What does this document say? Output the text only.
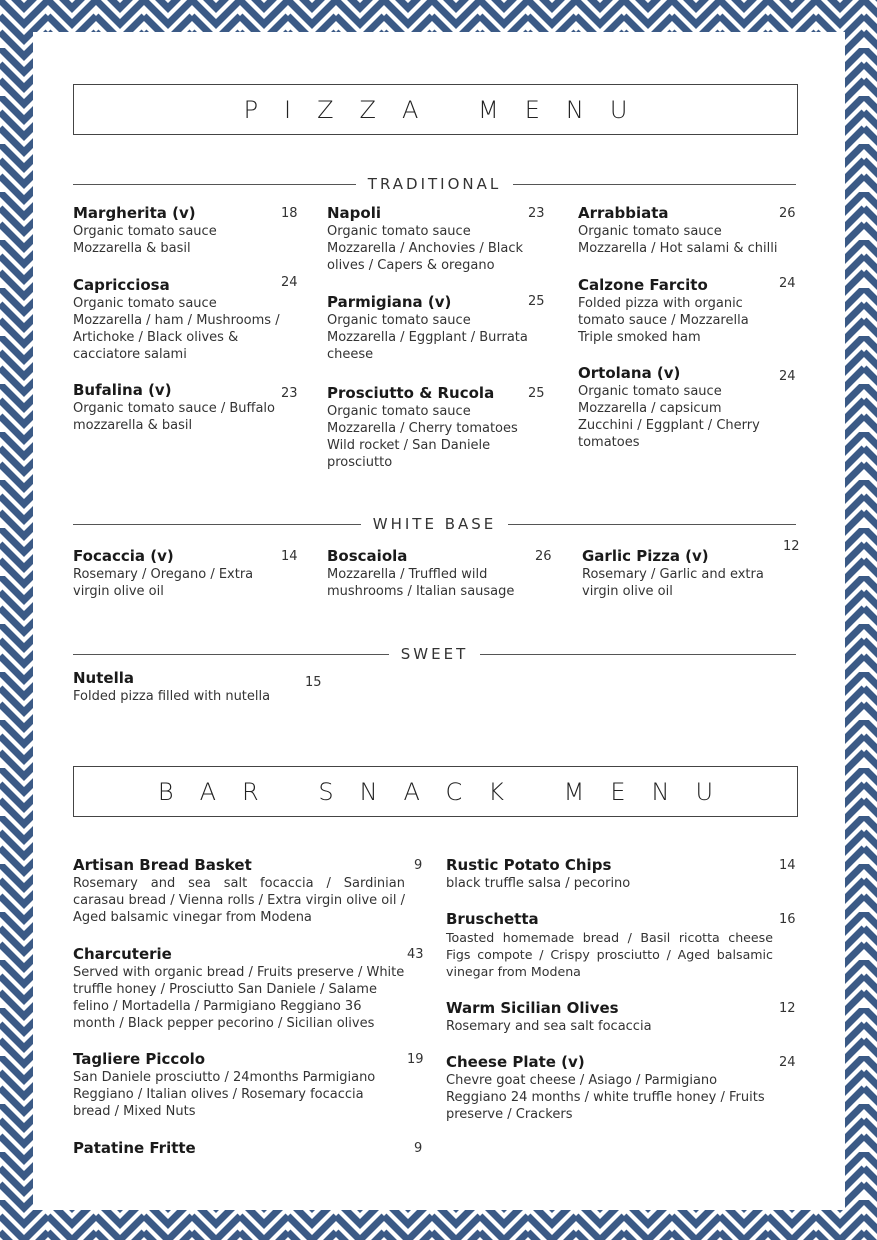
PIZZA MENU
TRADITIONAL
Margherita (v)
Organic tomato sauce Mozzarella & basil
18
Capricciosa
Organic tomato sauce Mozzarella / ham / Mushrooms / Artichoke / Black olives & cacciatore salami
24
Bufalina (v)
Organic tomato sauce / Buffalo mozzarella & basil
23
Napoli
Organic tomato sauce Mozzarella / Anchovies / Black olives / Capers & oregano
23
Parmigiana (v)
Organic tomato sauce Mozzarella / Eggplant / Burrata cheese
25
Prosciutto & Rucola
Organic tomato sauce Mozzarella / Cherry tomatoes Wild rocket / San Daniele prosciutto
25
Arrabbiata
Organic tomato sauce Mozzarella / Hot salami & chilli
26
Calzone Farcito
Folded pizza with organic tomato sauce / Mozzarella Triple smoked ham
24
Ortolana (v)
Organic tomato sauce Mozzarella / capsicum Zucchini / Eggplant / Cherry tomatoes
24
WHITE BASE
Focaccia (v)
Rosemary / Oregano / Extra virgin olive oil
14 Boscaiola
Mozzarella / Truffled wild mushrooms / Italian sausage
26 Garlic Pizza (v)
Rosemary / Garlic and extra virgin olive oil
12
SWEET
Nutella
Folded pizza filled with nutella
15
BAR SNACK MENU
Artisan Bread Basket
Rosemary and sea salt focaccia / Sardinian carasau bread / Vienna rolls / Extra virgin olive oil / Aged balsamic vinegar from Modena
9
Charcuterie
Served with organic bread / Fruits preserve / White truffle honey / Prosciutto San Daniele / Salame felino / Mortadella / Parmigiano Reggiano 36 month / Black pepper pecorino / Sicilian olives
43
Tagliere Piccolo
San Daniele prosciutto / 24months Parmigiano Reggiano / Italian olives / Rosemary focaccia bread / Mixed Nuts
19
Patatine Fritte	9
Rustic Potato Chips
black truffle salsa / pecorino
14
Bruschetta
Toasted homemade bread / Basil ricotta cheese Figs compote / Crispy prosciutto / Aged balsamic vinegar from Modena
16
Warm Sicilian Olives
Rosemary and sea salt focaccia
12
Cheese Plate (v)
Chevre goat cheese / Asiago / Parmigiano Reggiano 24 months / white truffle honey / Fruits preserve / Crackers
24
